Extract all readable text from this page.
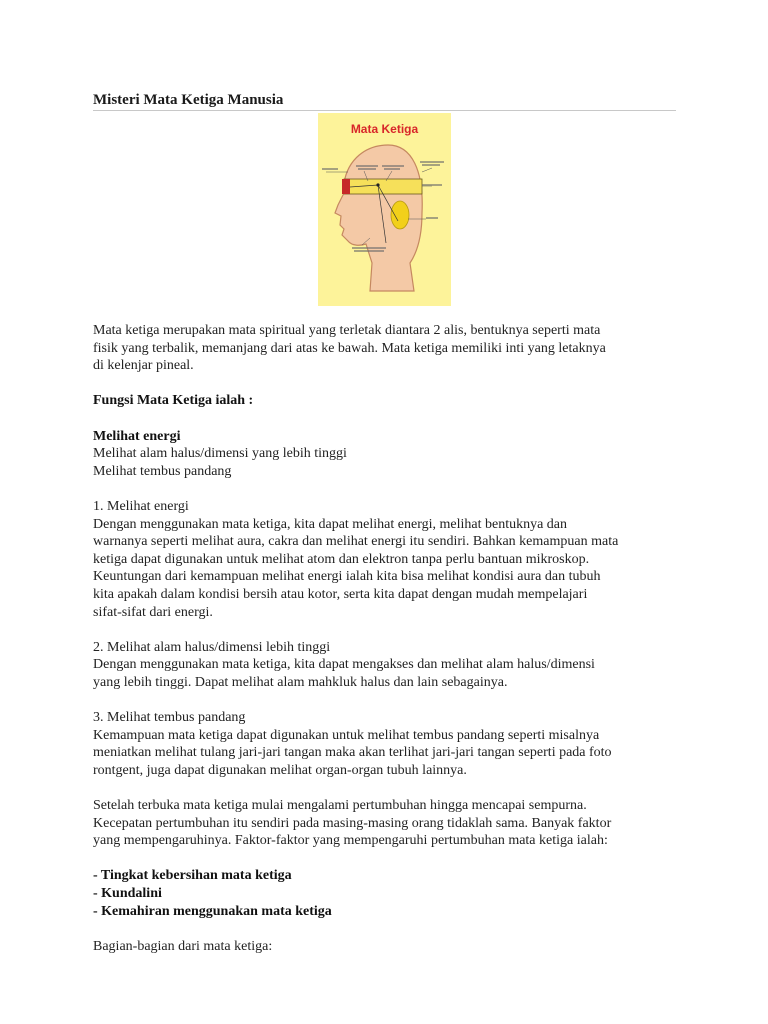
Misteri Mata Ketiga Manusia
Mata Ketiga

Mata ketiga merupakan mata spiritual yang terletak diantara 2 alis, bentuknya seperti mata

fisik yang terbalik, memanjang dari atas ke bawah. Mata ketiga memiliki inti yang letaknya

di kelenjar pineal.

Fungsi Mata Ketiga ialah :

Melihat energi

Melihat alam halus/dimensi yang lebih tinggi

Melihat tembus pandang

1. Melihat energi

Dengan menggunakan mata ketiga, kita dapat melihat energi, melihat bentuknya dan

warnanya seperti melihat aura, cakra dan melihat energi itu sendiri. Bahkan kemampuan mata

ketiga dapat digunakan untuk melihat atom dan elektron tanpa perlu bantuan mikroskop.

Keuntungan dari kemampuan melihat energi ialah kita bisa melihat kondisi aura dan tubuh

kita apakah dalam kondisi bersih atau kotor, serta kita dapat dengan mudah mempelajari

sifat-sifat dari energi.

2. Melihat alam halus/dimensi lebih tinggi

Dengan menggunakan mata ketiga, kita dapat mengakses dan melihat alam halus/dimensi

yang lebih tinggi. Dapat melihat alam mahkluk halus dan lain sebagainya.

3. Melihat tembus pandang

Kemampuan mata ketiga dapat digunakan untuk melihat tembus pandang seperti misalnya

meniatkan melihat tulang jari-jari tangan maka akan terlihat jari-jari tangan seperti pada foto

rontgent, juga dapat digunakan melihat organ-organ tubuh lainnya.

Setelah terbuka mata ketiga mulai mengalami pertumbuhan hingga mencapai sempurna.

Kecepatan pertumbuhan itu sendiri pada masing-masing orang tidaklah sama. Banyak faktor

yang mempengaruhinya. Faktor-faktor yang mempengaruhi pertumbuhan mata ketiga ialah:

- Tingkat kebersihan mata ketiga

- Kundalini

- Kemahiran menggunakan mata ketiga

Bagian-bagian dari mata ketiga:
